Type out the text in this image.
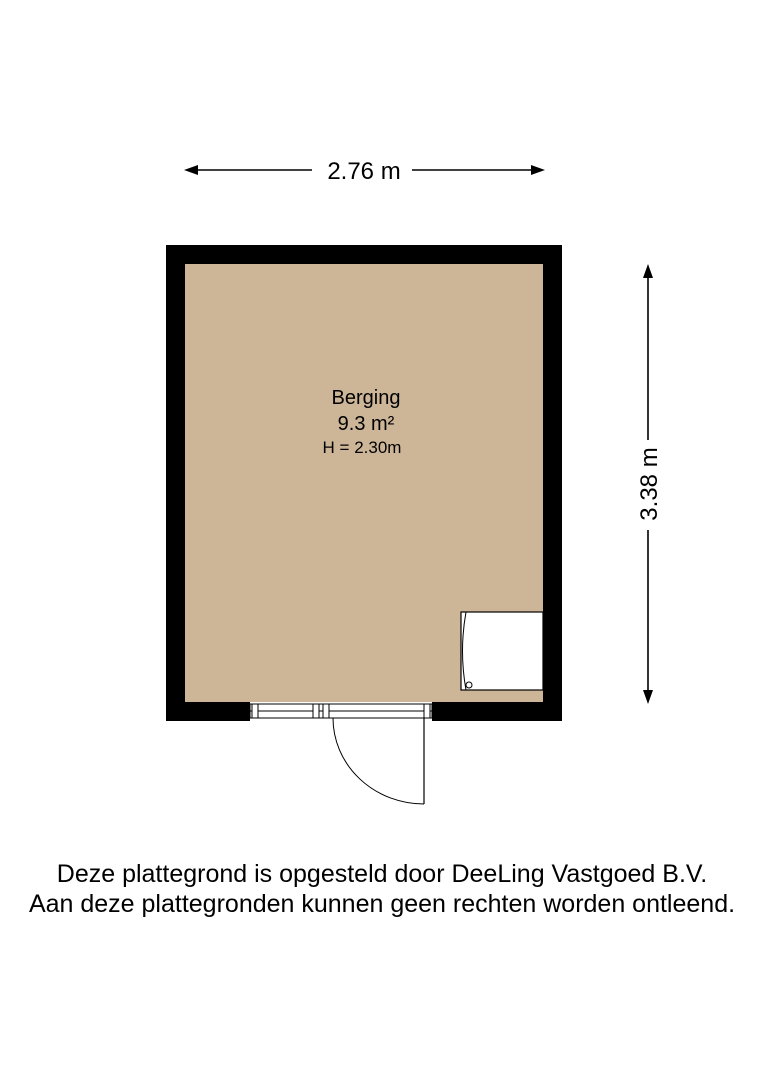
2.76 m
3.38 m
Berging
9.3 m²
H = 2.30m
Deze plattegrond is opgesteld door DeeLing Vastgoed B.V.
Aan deze plattegronden kunnen geen rechten worden ontleend.
